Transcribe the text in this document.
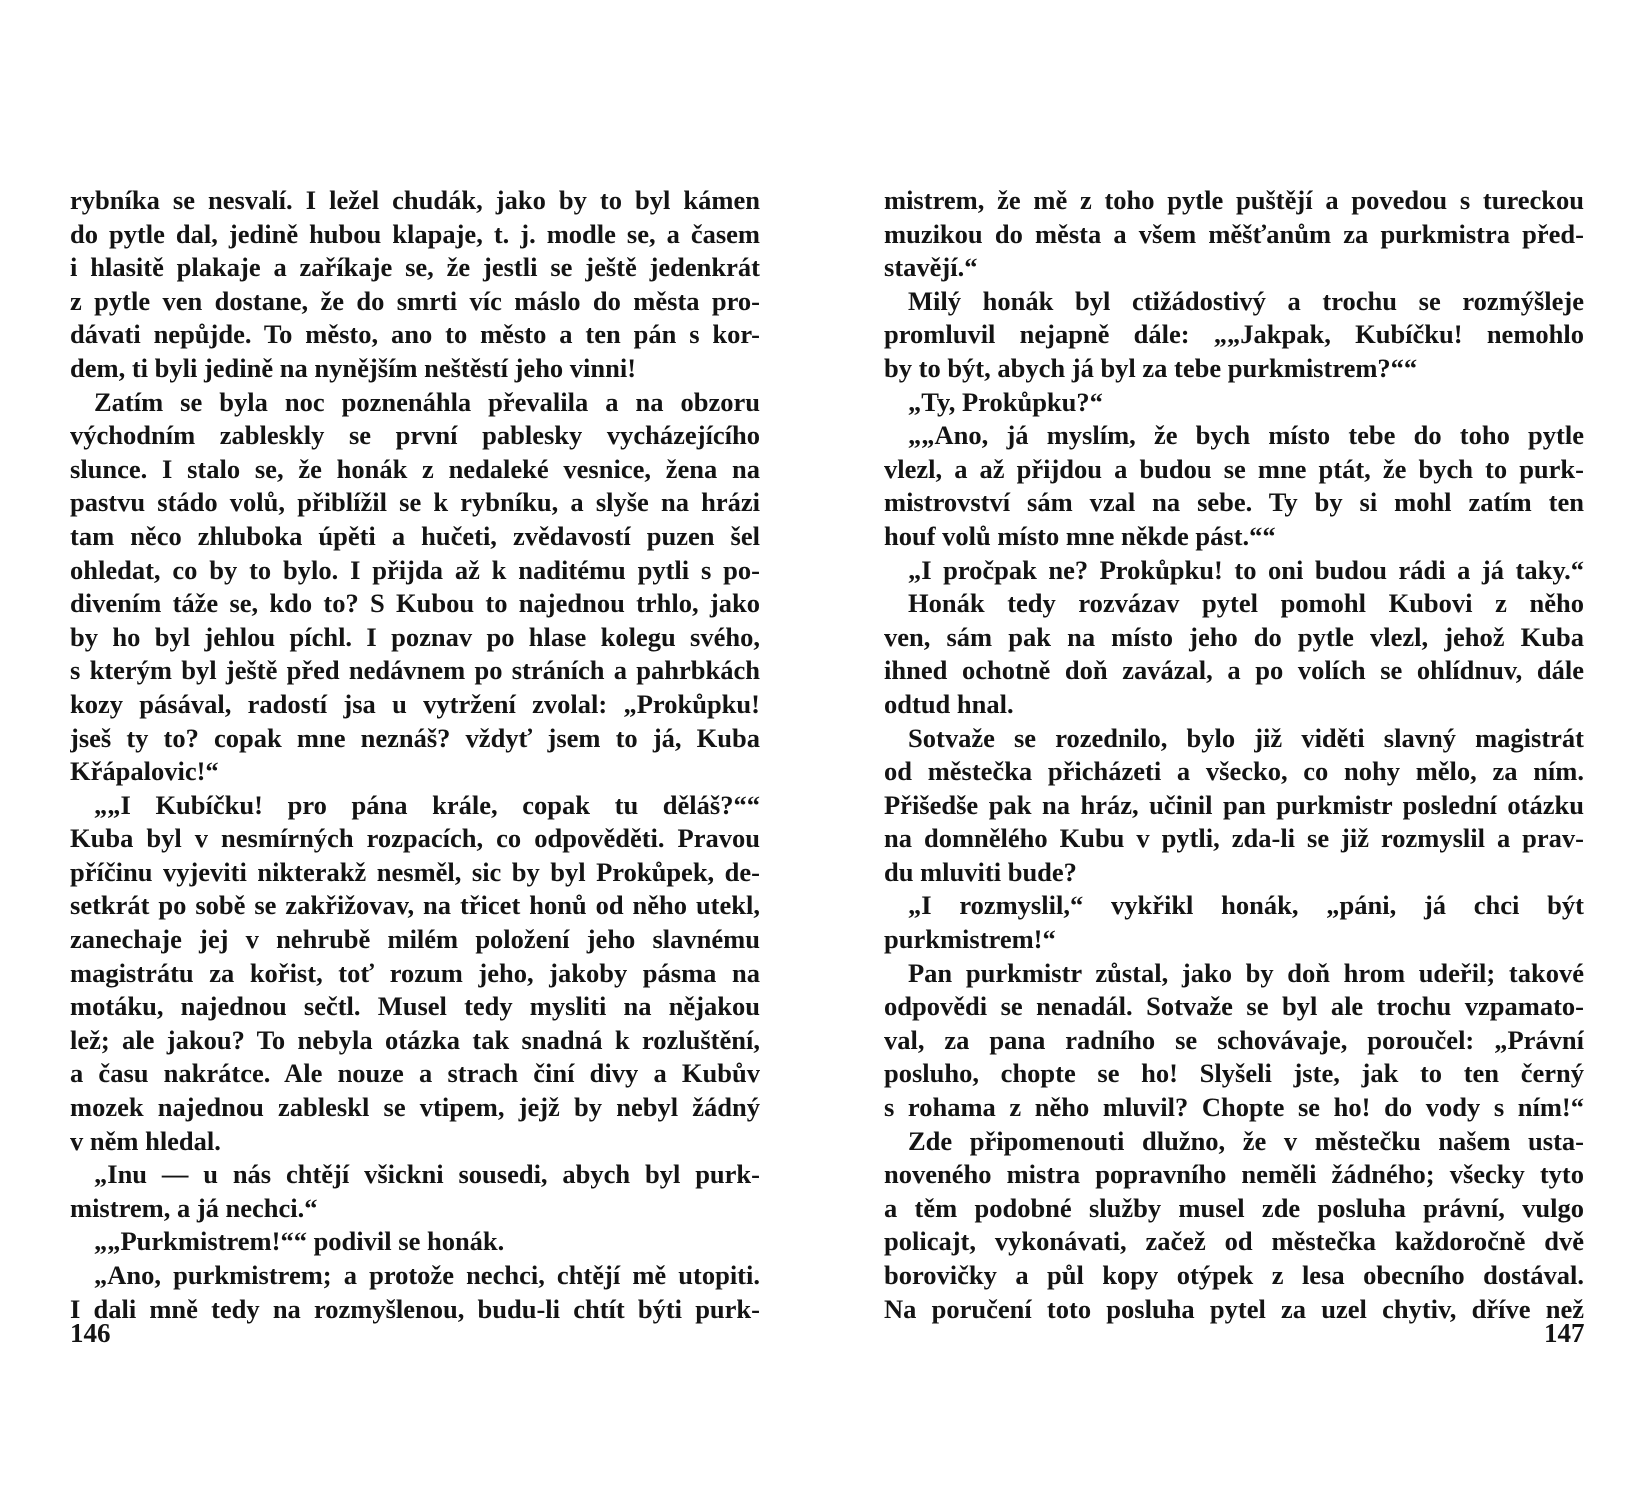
rybníka se nesvalí. I ležel chudák, jako by to byl kámen
do pytle dal, jedině hubou klapaje, t. j. modle se, a časem
i hlasitě plakaje a zaříkaje se, že jestli se ještě jedenkrát
z pytle ven dostane, že do smrti víc máslo do města pro-
dávati nepůjde. To město, ano to město a ten pán s kor-
dem, ti byli jedině na nynějším neštěstí jeho vinni!
Zatím se byla noc poznenáhla převalila a na obzoru
východním zableskly se první pablesky vycházejícího
slunce. I stalo se, že honák z nedaleké vesnice, žena na
pastvu stádo volů, přiblížil se k rybníku, a slyše na hrázi
tam něco zhluboka úpěti a hučeti, zvědavostí puzen šel
ohledat, co by to bylo. I přijda až k naditému pytli s po-
divením táže se, kdo to? S Kubou to najednou trhlo, jako
by ho byl jehlou píchl. I poznav po hlase kolegu svého,
s kterým byl ještě před nedávnem po stráních a pahrbkách
kozy pásával, radostí jsa u vytržení zvolal: „Prokůpku!
jseš ty to? copak mne neznáš? vždyť jsem to já, Kuba
Křápalovic!“
„„I Kubíčku! pro pána krále, copak tu děláš?““
Kuba byl v nesmírných rozpacích, co odpověděti. Pravou
příčinu vyjeviti nikterakž nesměl, sic by byl Prokůpek, de-
setkrát po sobě se zakřižovav, na třicet honů od něho utekl,
zanechaje jej v nehrubě milém položení jeho slavnému
magistrátu za kořist, toť rozum jeho, jakoby pásma na
motáku, najednou sečtl. Musel tedy mysliti na nějakou
lež; ale jakou? To nebyla otázka tak snadná k rozluštění,
a času nakrátce. Ale nouze a strach činí divy a Kubův
mozek najednou zableskl se vtipem, jejž by nebyl žádný
v něm hledal.
„Inu — u nás chtějí všickni sousedi, abych byl purk-
mistrem, a já nechci.“
„„Purkmistrem!““ podivil se honák.
„Ano, purkmistrem; a protože nechci, chtějí mě utopiti.
I dali mně tedy na rozmyšlenou, budu-li chtít býti purk-
mistrem, že mě z toho pytle puštějí a povedou s tureckou
muzikou do města a všem měšťanům za purkmistra před-
stavějí.“
Milý honák byl ctižádostivý a trochu se rozmýšleje
promluvil nejapně dále: „„Jakpak, Kubíčku! nemohlo
by to být, abych já byl za tebe purkmistrem?““
„Ty, Prokůpku?“
„„Ano, já myslím, že bych místo tebe do toho pytle
vlezl, a až přijdou a budou se mne ptát, že bych to purk-
mistrovství sám vzal na sebe. Ty by si mohl zatím ten
houf volů místo mne někde pást.““
„I pročpak ne? Prokůpku! to oni budou rádi a já taky.“
Honák tedy rozvázav pytel pomohl Kubovi z něho
ven, sám pak na místo jeho do pytle vlezl, jehož Kuba
ihned ochotně doň zavázal, a po volích se ohlídnuv, dále
odtud hnal.
Sotvaže se rozednilo, bylo již viděti slavný magistrát
od městečka přicházeti a všecko, co nohy mělo, za ním.
Přišedše pak na hráz, učinil pan purkmistr poslední otázku
na domnělého Kubu v pytli, zda-li se již rozmyslil a prav-
du mluviti bude?
„I rozmyslil,“ vykřikl honák, „páni, já chci být
purkmistrem!“
Pan purkmistr zůstal, jako by doň hrom udeřil; takové
odpovědi se nenadál. Sotvaže se byl ale trochu vzpamato-
val, za pana radního se schovávaje, poroučel: „Právní
posluho, chopte se ho! Slyšeli jste, jak to ten černý
s rohama z něho mluvil? Chopte se ho! do vody s ním!“
Zde připomenouti dlužno, že v městečku našem usta-
noveného mistra popravního neměli žádného; všecky tyto
a těm podobné služby musel zde posluha právní, vulgo
policajt, vykonávati, začež od městečka každoročně dvě
borovičky a půl kopy otýpek z lesa obecního dostával.
Na poručení toto posluha pytel za uzel chytiv, dříve než
146	147
